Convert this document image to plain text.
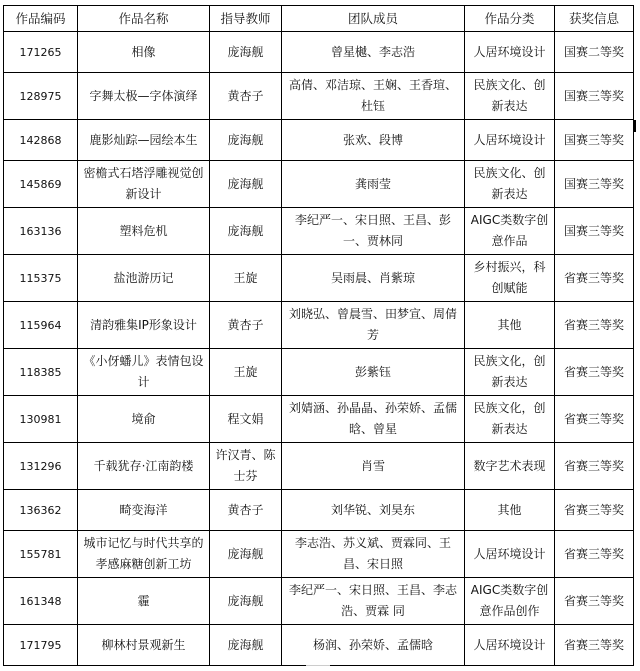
作品编码	作品名称	指导教师	团队成员	作品分类	获奖信息
171265	相像	庞海舰	曾星樾、李志浩	人居环境设计	国赛二等奖
128975	字舞太极—字体演绎	黄杏子	高倩、邓洁琼、王娴、王香瑄、杜钰	民族文化、创新表达	国赛三等奖
142868	鹿影灿踪—园绘本生	庞海舰	张欢、段博	人居环境设计	国赛三等奖
145869	密檐式石塔浮雕视觉创新设计	庞海舰	龚雨莹	民族文化、创新表达	国赛三等奖
163136	塑料危机	庞海舰	李纪严一、宋日照、王昌、彭一、贾林同	AIGC类数字创意作品	国赛三等奖
115375	盐池游历记	王旋	吴雨晨、肖紫琼	乡村振兴，科创赋能	省赛三等奖
115964	清韵雅集IP形象设计	黄杏子	刘晓弘、曾晨雪、田梦宣、周倩芳	其他	省赛三等奖
118385	《小伢蟠儿》表情包设计	王旋	彭紫钰	民族文化，创新表达	省赛三等奖
130981	境俞	程文娟	刘婧涵、孙晶晶、孙荣娇、孟儒晗、曾星	民族文化，创新表达	省赛三等奖
131296	千载犹存·江南韵楼	许汉青、陈士芬	肖雪	数字艺术表现	省赛三等奖
136362	畸变海洋	黄杏子	刘华锐、刘昊东	其他	省赛三等奖
155781	城市记忆与时代共享的孝感麻糖创新工坊	庞海舰	李志浩、苏义斌、贾霖同、王昌、宋日照	人居环境设计	省赛三等奖
161348	霾	庞海舰	李纪严一、宋日照、王昌、李志浩、贾霖 同	AIGC类数字创意作品创作	省赛三等奖
171795	柳林村景观新生	庞海舰	杨润、孙荣娇、孟儒晗	人居环境设计	省赛三等奖
